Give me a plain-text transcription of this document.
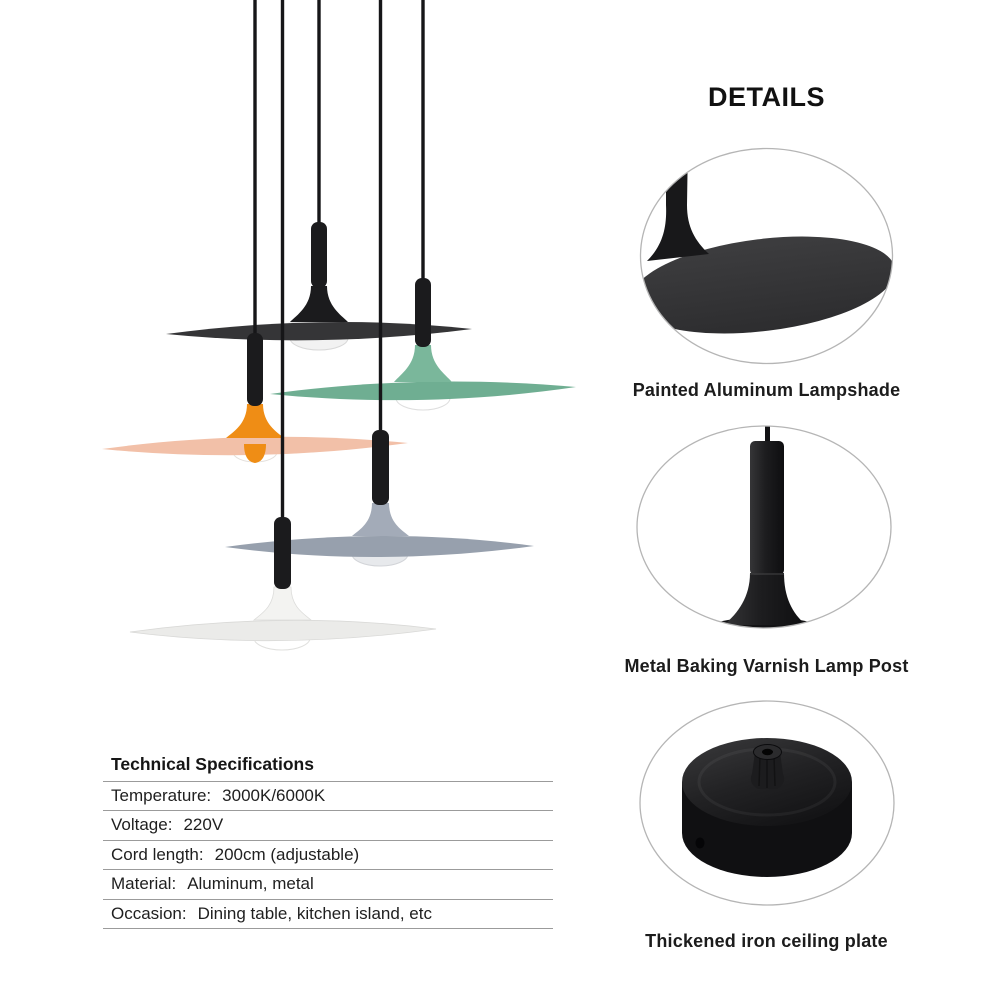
DETAILS
Painted Aluminum Lampshade
Metal Baking Varnish Lamp Post
Thickened iron ceiling plate
Technical Specifications
Temperature: 3000K/6000K
Voltage: 220V
Cord length: 200cm (adjustable)
Material: Aluminum, metal
Occasion: Dining table, kitchen island, etc
